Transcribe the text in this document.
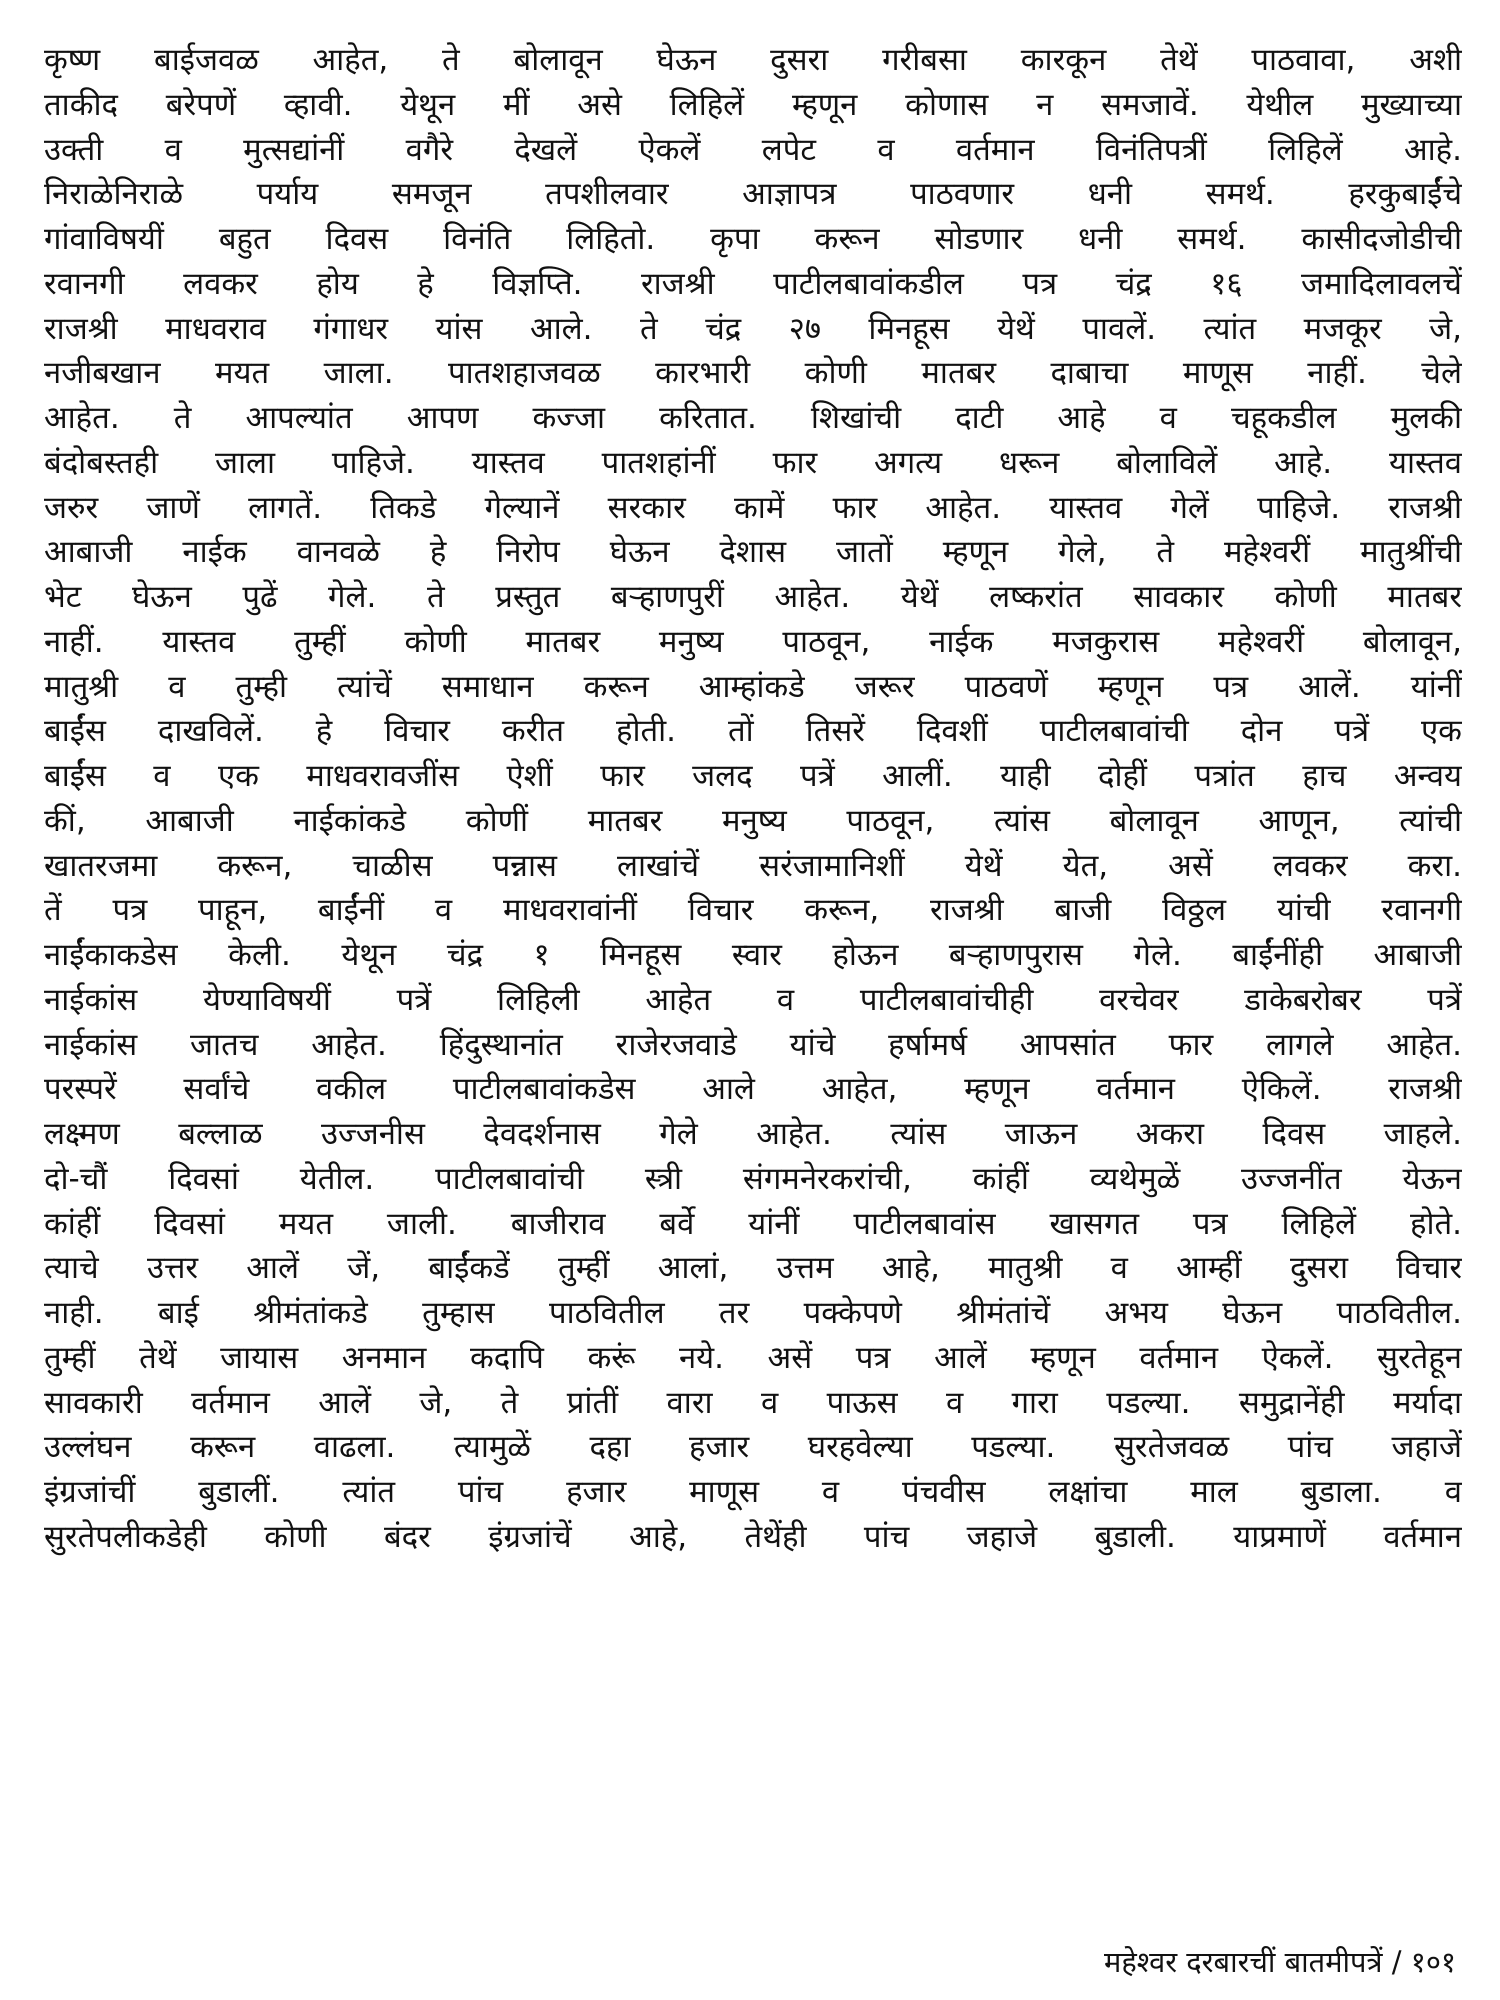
कृष्ण बाईजवळ आहेत, ते बोलावून घेऊन दुसरा गरीबसा कारकून तेथें पाठवावा, अशी
ताकीद बरेपणें व्हावी. येथून मीं असे लिहिलें म्हणून कोणास न समजावें. येथील मुख्याच्या
उक्ती व मुत्सद्यांनीं वगैरे देखलें ऐकलें लपेट व वर्तमान विनंतिपत्रीं लिहिलें आहे.
निराळेनिराळे पर्याय समजून तपशीलवार आज्ञापत्र पाठवणार धनी समर्थ. हरकुबाईंचे
गांवाविषयीं बहुत दिवस विनंति लिहितो. कृपा करून सोडणार धनी समर्थ. कासीदजोडीची
रवानगी लवकर होय हे विज्ञप्ति. राजश्री पाटीलबावांकडील पत्र चंद्र १६ जमादिलावलचें
राजश्री माधवराव गंगाधर यांस आले. ते चंद्र २७ मिनहूस येथें पावलें. त्यांत मजकूर जे,
नजीबखान मयत जाला. पातशहाजवळ कारभारी कोणी मातबर दाबाचा माणूस नाहीं. चेले
आहेत. ते आपल्यांत आपण कज्जा करितात. शिखांची दाटी आहे व चहूकडील मुलकी
बंदोबस्तही जाला पाहिजे. यास्तव पातशहांनीं फार अगत्य धरून बोलाविलें आहे. यास्तव
जरुर जाणें लागतें. तिकडे गेल्यानें सरकार कामें फार आहेत. यास्तव गेलें पाहिजे. राजश्री
आबाजी नाईक वानवळे हे निरोप घेऊन देशास जातों म्हणून गेले, ते महेश्वरीं मातुश्रींची
भेट घेऊन पुढें गेले. ते प्रस्तुत बऱ्हाणपुरीं आहेत. येथें लष्करांत सावकार कोणी मातबर
नाहीं. यास्तव तुम्हीं कोणी मातबर मनुष्य पाठवून, नाईक मजकुरास महेश्वरीं बोलावून,
मातुश्री व तुम्ही त्यांचें समाधान करून आम्हांकडे जरूर पाठवणें म्हणून पत्र आलें. यांनीं
बाईंस दाखविलें. हे विचार करीत होती. तों तिसरें दिवशीं पाटीलबावांची दोन पत्रें एक
बाईंस व एक माधवरावजींस ऐशीं फार जलद पत्रें आलीं. याही दोहीं पत्रांत हाच अन्वय
कीं, आबाजी नाईकांकडे कोणीं मातबर मनुष्य पाठवून, त्यांस बोलावून आणून, त्यांची
खातरजमा करून, चाळीस पन्नास लाखांचें सरंजामानिशीं येथें येत, असें लवकर करा.
तें पत्र पाहून, बाईंनीं व माधवरावांनीं विचार करून, राजश्री बाजी विठ्ठल यांची रवानगी
नाईंकाकडेस केली. येथून चंद्र १ मिनहूस स्वार होऊन बऱ्हाणपुरास गेले. बाईंनींही आबाजी
नाईकांस येण्याविषयीं पत्रें लिहिली आहेत व पाटीलबावांचीही वरचेवर डाकेबरोबर पत्रें
नाईकांस जातच आहेत. हिंदुस्थानांत राजेरजवाडे यांचे हर्षामर्ष आपसांत फार लागले आहेत.
परस्परें सर्वांचे वकील पाटीलबावांकडेस आले आहेत, म्हणून वर्तमान ऐकिलें. राजश्री
लक्ष्मण बल्लाळ उज्जनीस देवदर्शनास गेले आहेत. त्यांस जाऊन अकरा दिवस जाहले.
दो-चौं दिवसां येतील. पाटीलबावांची स्त्री संगमनेरकरांची, कांहीं व्यथेमुळें उज्जनींत येऊन
कांहीं दिवसां मयत जाली. बाजीराव बर्वे यांनीं पाटीलबावांस खासगत पत्र लिहिलें होते.
त्याचे उत्तर आलें जें, बाईंकडें तुम्हीं आलां, उत्तम आहे, मातुश्री व आम्हीं दुसरा विचार
नाही. बाई श्रीमंतांकडे तुम्हास पाठवितील तर पक्केपणे श्रीमंतांचें अभय घेऊन पाठवितील.
तुम्हीं तेथें जायास अनमान कदापि करूं नये. असें पत्र आलें म्हणून वर्तमान ऐकलें. सुरतेहून
सावकारी वर्तमान आलें जे, ते प्रांतीं वारा व पाऊस व गारा पडल्या. समुद्रानेंही मर्यादा
उल्लंघन करून वाढला. त्यामुळें दहा हजार घरहवेल्या पडल्या. सुरतेजवळ पांच जहाजें
इंग्रजांचीं बुडालीं. त्यांत पांच हजार माणूस व पंचवीस लक्षांचा माल बुडाला. व
सुरतेपलीकडेही कोणी बंदर इंग्रजांचें आहे, तेथेंही पांच जहाजे बुडाली. याप्रमाणें वर्तमान
महेश्वर दरबारचीं बातमीपत्रें / १०१
